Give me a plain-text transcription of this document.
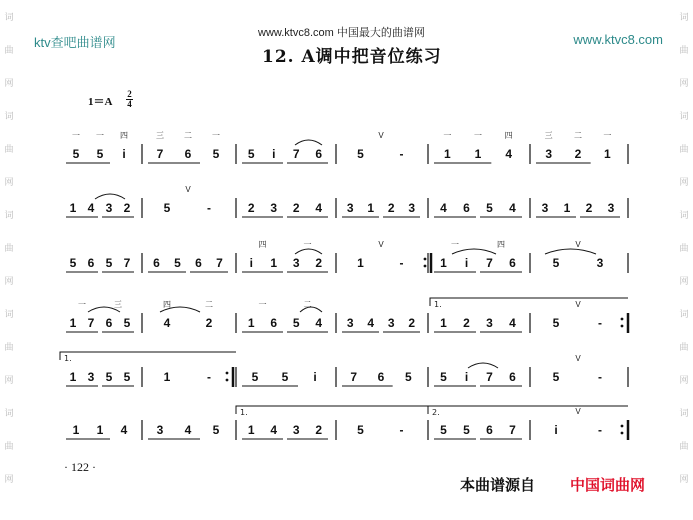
词
曲
网
词
曲
网
词
曲
网
词
曲
网
词
曲
网
词
曲
网
词
曲
网
词
曲
网
词
曲
网
词
曲
网
ktv查吧曲谱网
www.ktvc8.com 中国最大的曲谱网	www.ktvc8.com
12. A调中把音位练习
1＝A
2
4
5 5 i
一 一 四
7 6 5
三	二	一
5 i 7 6	5	-
V
1 1 4
一	一	四
3 2 1
三	二	一
1 4 3 2	5	-
V
2 3 2 4 3 1 2 3 4 6 5 4 3 1 2 3
5 6 5 7 6 5 6 7 i 1 3 2
四	一
1	-
V
1 i 7 6
一	四
5	3
V
1 7 6 5
一	三
4	2
四	二
1 6 5 4
一	二
3 4 3 2 1 2 3 4	5	-
V
1 3 5 5	1	-	5 5 i	7 6 5 5 i 7 6	5	-
V
1 1 4 3 4 5 1 4 3 2	5	-	5 5 6 7	i	-
V
1.
1.
1.	2.
· 122 ·
本曲谱源自 中国词曲网
